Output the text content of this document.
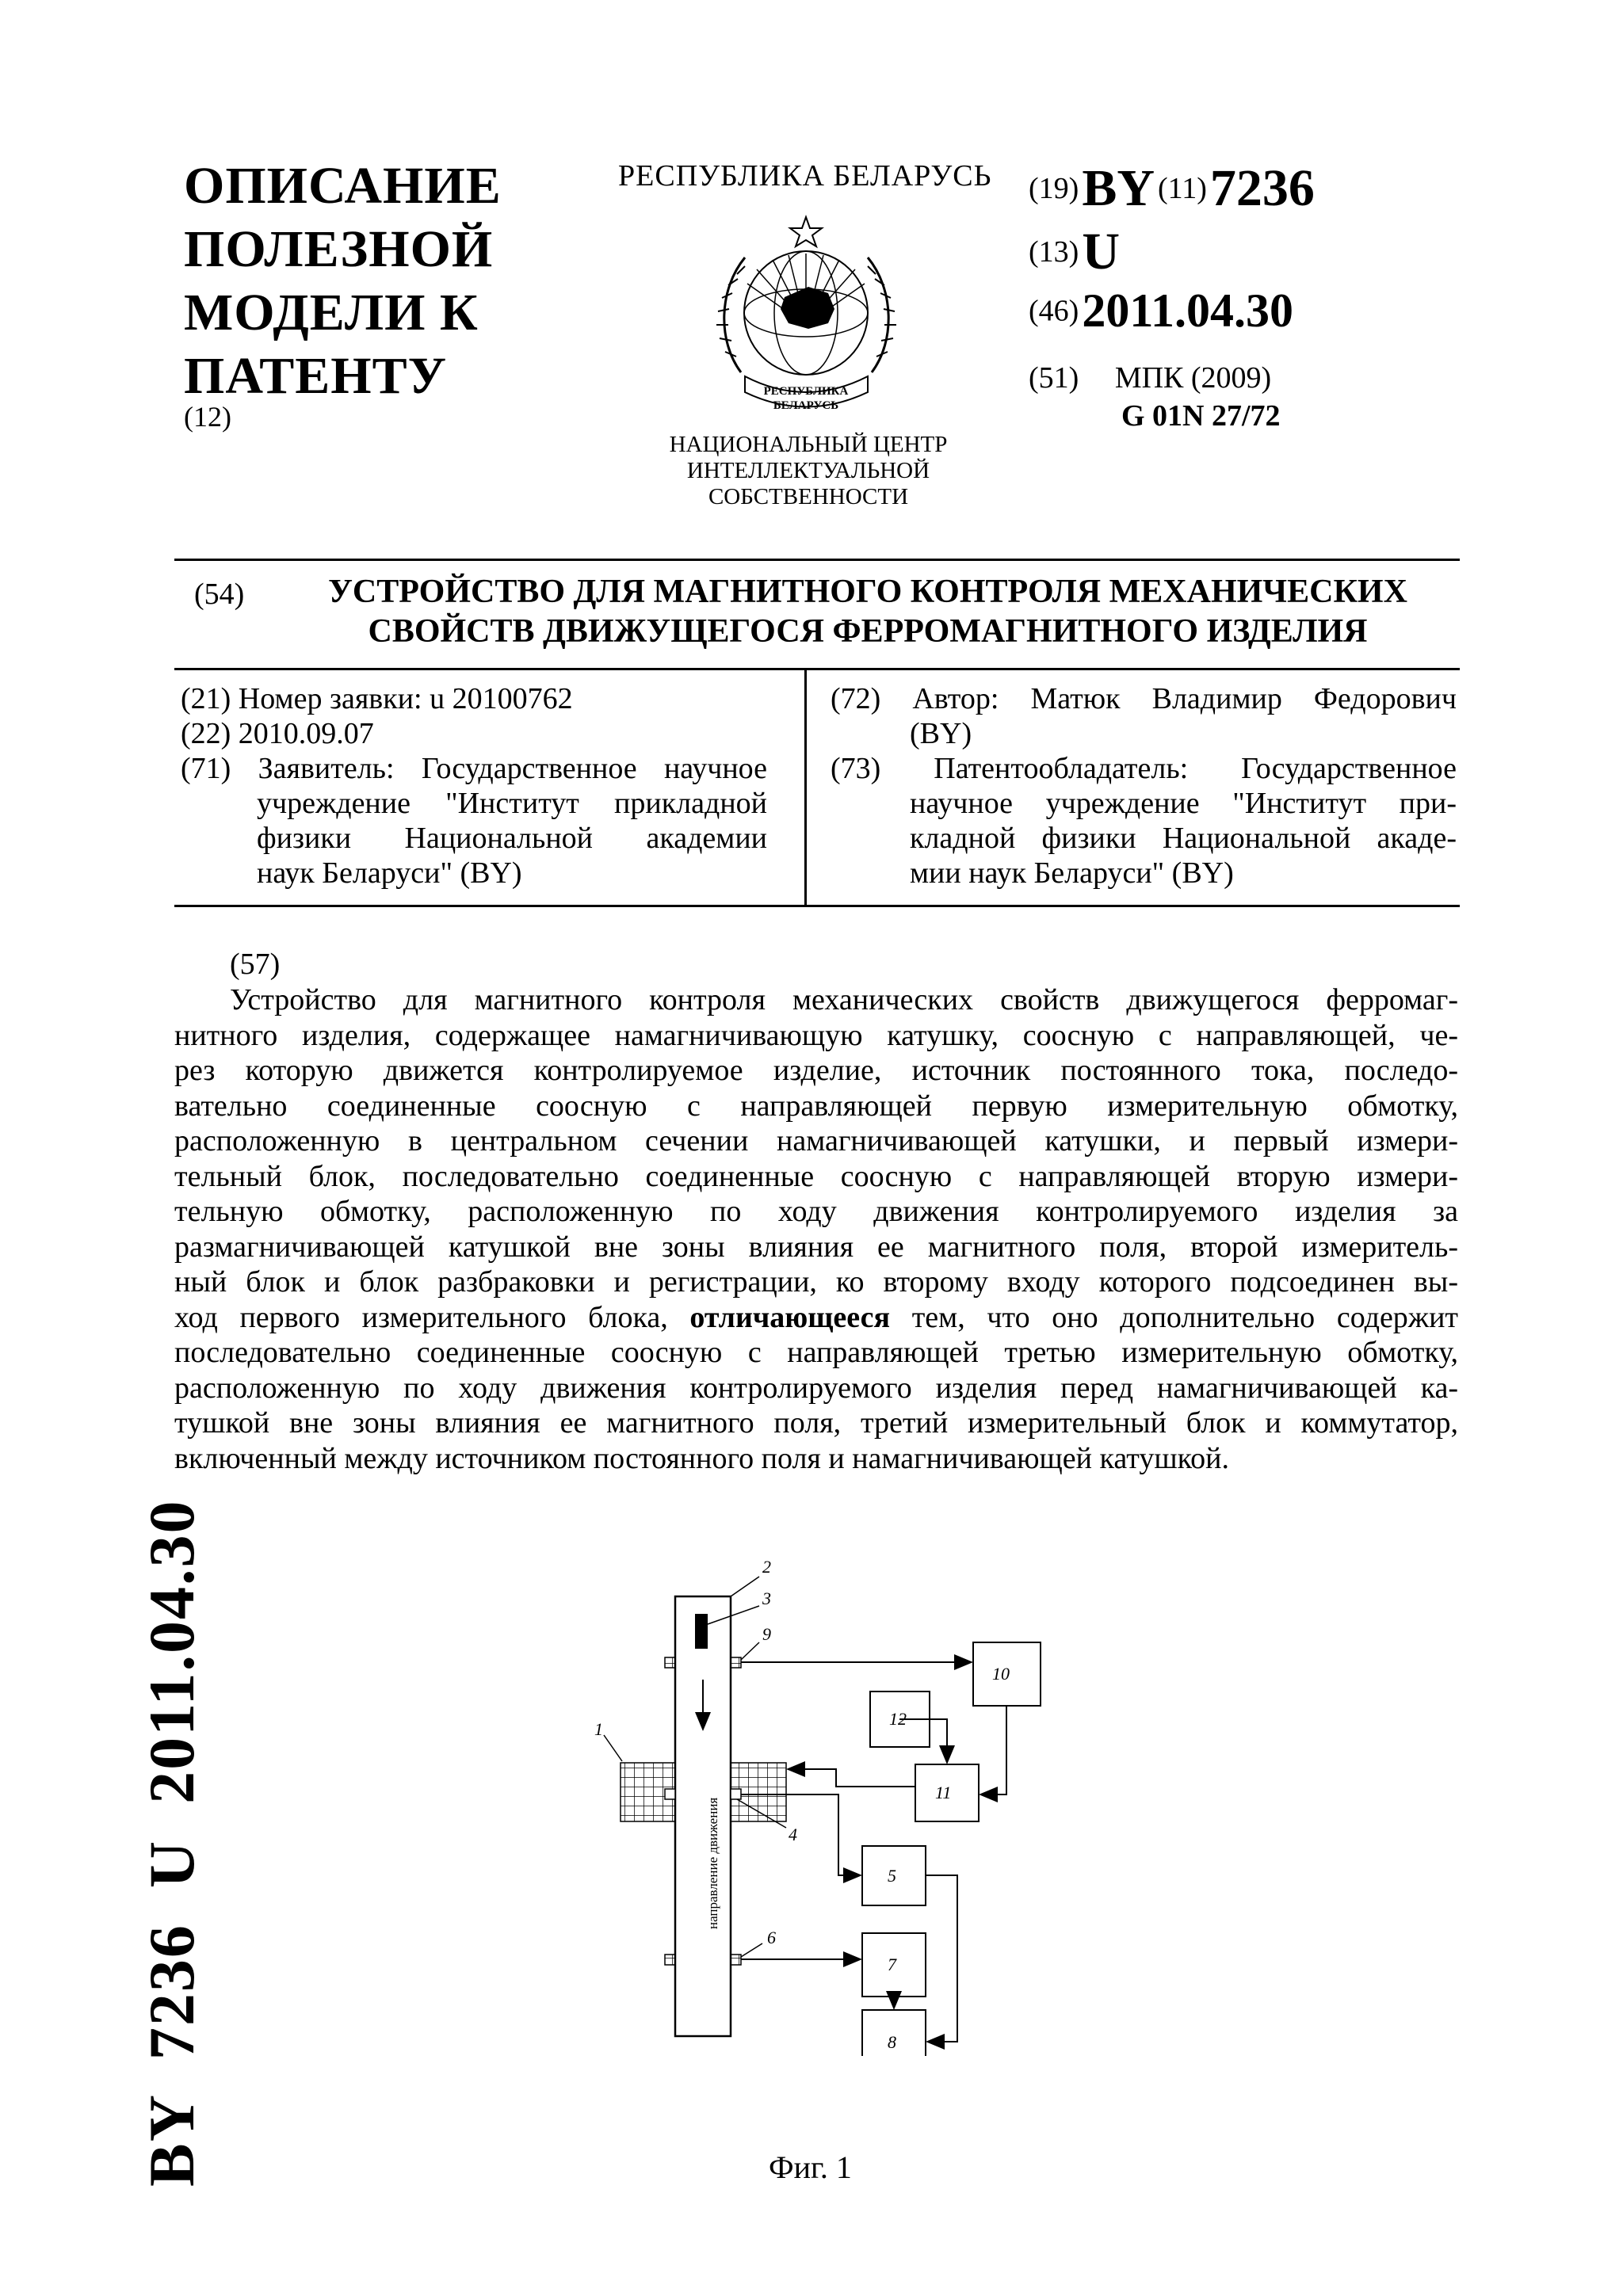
ОПИСАНИЕ
ПОЛЕЗНОЙ
МОДЕЛИ К
ПАТЕНТУ
(12)
РЕСПУБЛИКА БЕЛАРУСЬ
РЕСПУБЛИКА
БЕЛАРУСЬ
НАЦИОНАЛЬНЫЙ ЦЕНТР
ИНТЕЛЛЕКТУАЛЬНОЙ
СОБСТВЕННОСТИ
(19) BY (11) 7236
(13) U
(46) 2011.04.30
(51) МПК (2009)
G 01N 27/72
(54)	УСТРОЙСТВО ДЛЯ МАГНИТНОГО КОНТРОЛЯ МЕХАНИЧЕСКИХ
СВОЙСТВ ДВИЖУЩЕГОСЯ ФЕРРОМАГНИТНОГО ИЗДЕЛИЯ
(21) Номер заявки: u 20100762
(22) 2010.09.07
(71) Заявитель: Государственное научное
учреждение "Институт прикладной
физики Национальной академии
наук Беларуси" (BY)
(72) Автор: Матюк Владимир Федорович
(BY)
(73) Патентообладатель: Государственное
научное учреждение "Институт при-
кладной физики Национальной акаде-
мии наук Беларуси" (BY)
(57)
Устройство для магнитного контроля механических свойств движущегося ферромаг-
нитного изделия, содержащее намагничивающую катушку, соосную с направляющей, че-
рез которую движется контролируемое изделие, источник постоянного тока, последо-
вательно соединенные соосную с направляющей первую измерительную обмотку,
расположенную в центральном сечении намагничивающей катушки, и первый измери-
тельный блок, последовательно соединенные соосную с направляющей вторую измери-
тельную обмотку, расположенную по ходу движения контролируемого изделия за
размагничивающей катушкой вне зоны влияния ее магнитного поля, второй измеритель-
ный блок и блок разбраковки и регистрации, ко второму входу которого подсоединен вы-
ход первого измерительного блока, отличающееся тем, что оно дополнительно содержит
последовательно соединенные соосную с направляющей третью измерительную обмотку,
расположенную по ходу движения контролируемого изделия перед намагничивающей ка-
тушкой вне зоны влияния ее магнитного поля, третий измерительный блок и коммутатор,
включенный между источником постоянного поля и намагничивающей катушкой.
направление движения
2
3
9
1
4
6
10
12
11
5
7
8
Фиг. 1
BY  7236  U  2011.04.30
